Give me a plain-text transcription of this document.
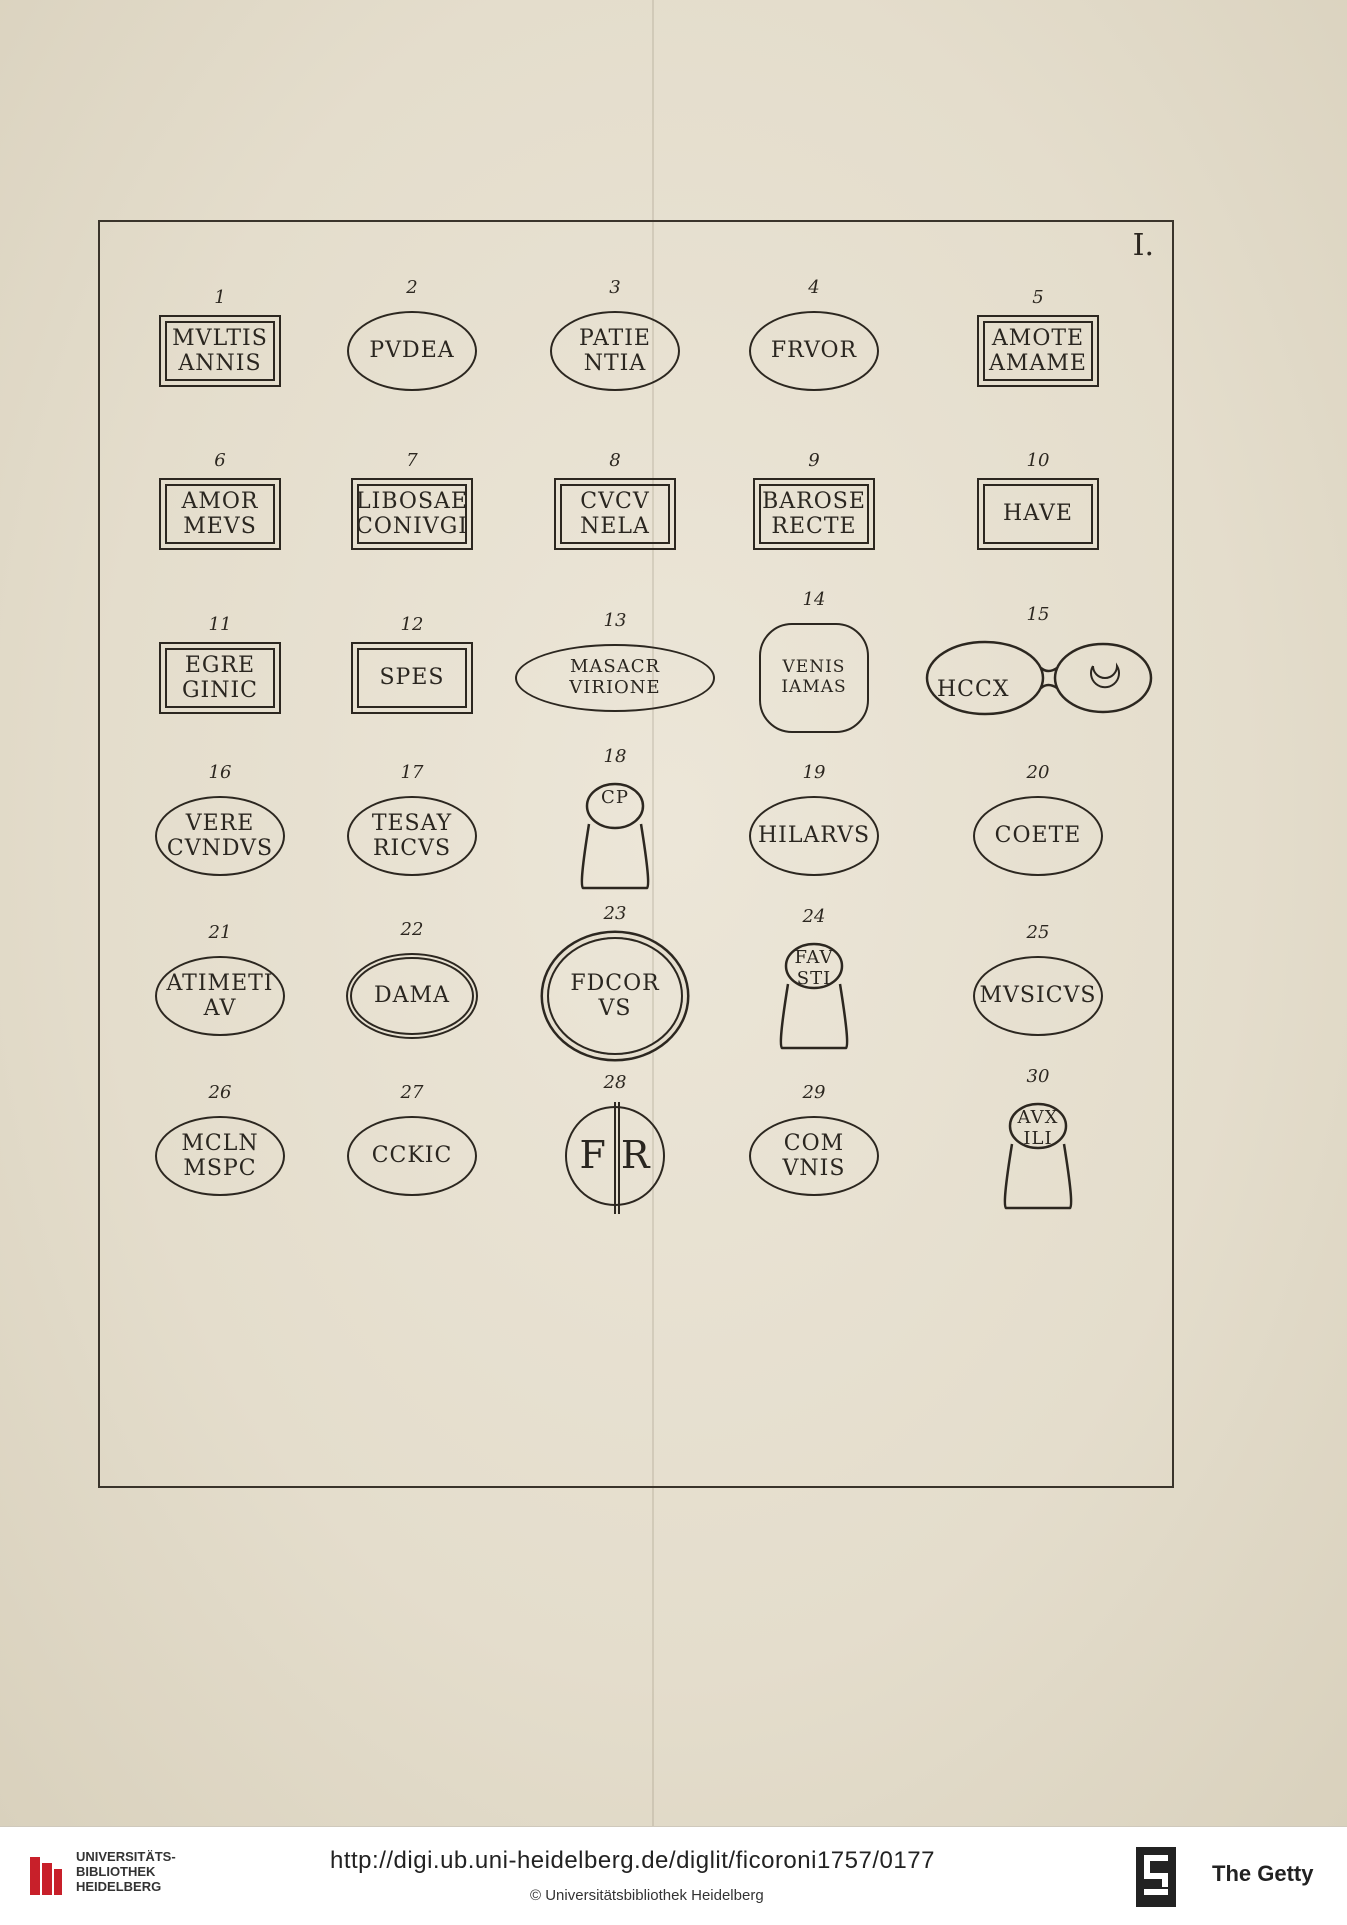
I.
1
MVLTIS
ANNIS
2
PVDEA
3
PATIE
NTIA
4
FRVOR
5
AMOTE
AMAME
6
AMOR
MEVS
7
LIBOSAE
CONIVGI
8
CVCV
NELA
9
BAROSE
RECTE
10
HAVE
11
EGRE
GINIC
12
SPES
13
MASACR
VIRIONE
14
VENIS
IAMAS
15
HCCX
16
VERE
CVNDVS
17
TESAY
RICVS
18
CP
19
HILARVS
20
COETE
21
ATIMETI
AV
22
DAMA
23
FDCOR
VS
24
FAV
STI
25
MVSICVS
26
MCLN
MSPC
27
CCKIC
28
F R
29
COM
VNIS
30
AVX
ILI
UNIVERSITÄTS-
BIBLIOTHEK
HEIDELBERG
http://digi.ub.uni-heidelberg.de/diglit/ficoroni1757/0177
© Universitätsbibliothek Heidelberg
The Getty
